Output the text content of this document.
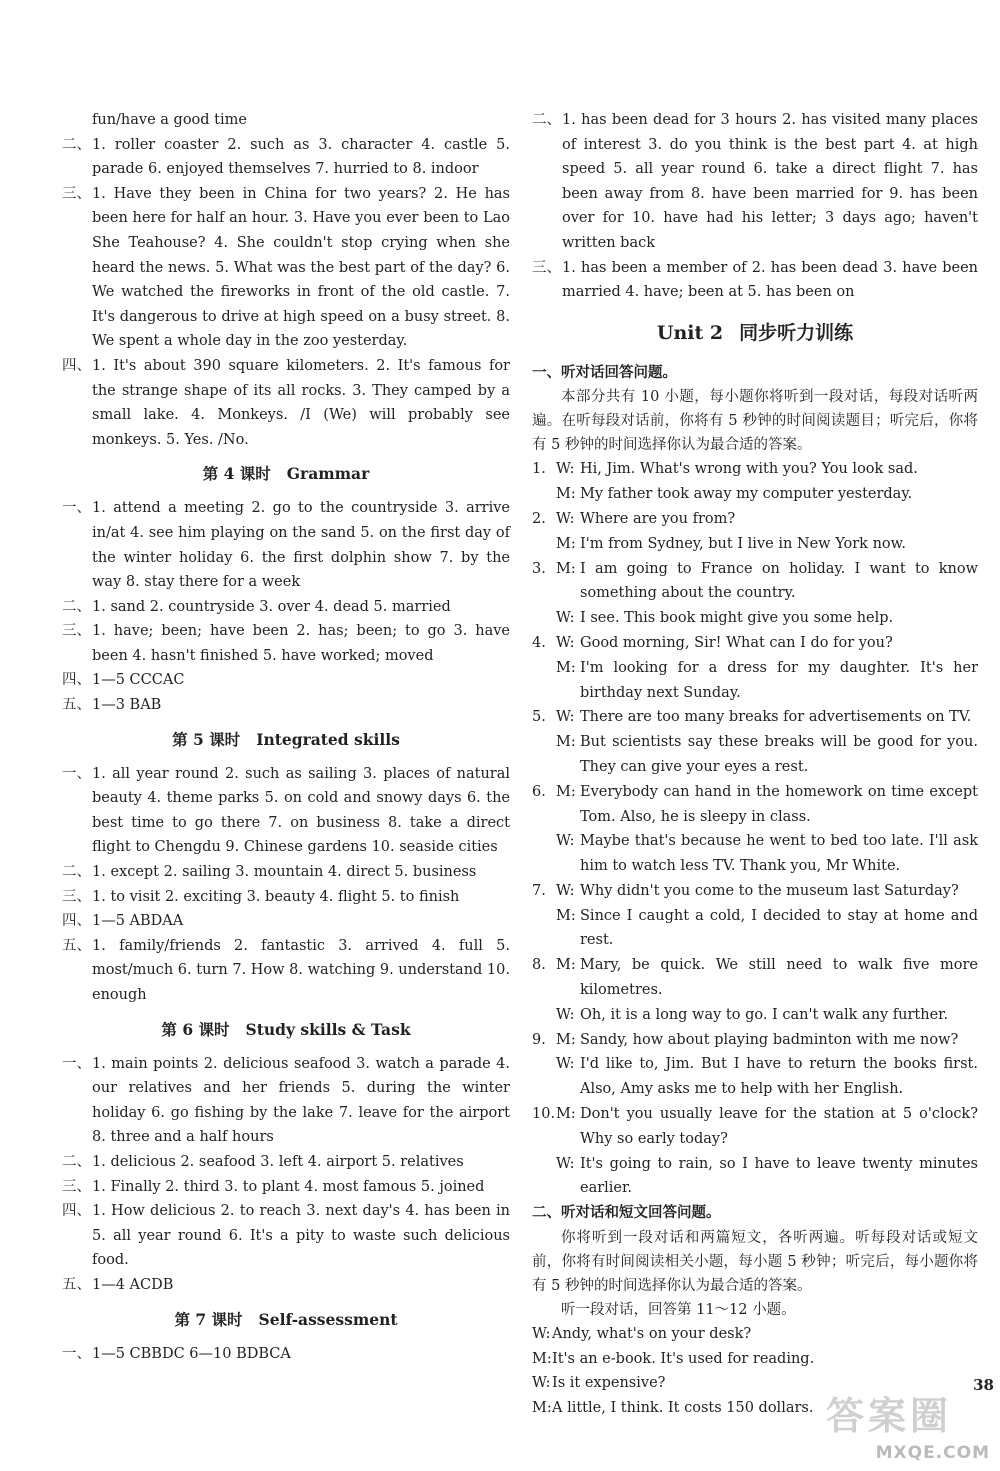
fun/have a good time
二、 1. roller coaster 2. such as 3. character 4. castle 5. parade 6. enjoyed themselves 7. hurried to 8. indoor
三、 1. Have they been in China for two years? 2. He has been here for half an hour. 3. Have you ever been to Lao She Teahouse? 4. She couldn't stop crying when she heard the news. 5. What was the best part of the day? 6. We watched the fireworks in front of the old castle. 7. It's dangerous to drive at high speed on a busy street. 8. We spent a whole day in the zoo yesterday.
四、 1. It's about 390 square kilometers. 2. It's famous for the strange shape of its all rocks. 3. They camped by a small lake. 4. Monkeys. /I (We) will probably see monkeys. 5. Yes. /No.
第 4 课时 Grammar
一、 1. attend a meeting 2. go to the countryside 3. arrive in/at 4. see him playing on the sand 5. on the first day of the winter holiday 6. the first dolphin show 7. by the way 8. stay there for a week
二、 1. sand 2. countryside 3. over 4. dead 5. married
三、 1. have; been; have been 2. has; been; to go 3. have been 4. hasn't finished 5. have worked; moved
四、 1—5 CCCAC
五、 1—3 BAB
第 5 课时 Integrated skills
一、 1. all year round 2. such as sailing 3. places of natural beauty 4. theme parks 5. on cold and snowy days 6. the best time to go there 7. on business 8. take a direct flight to Chengdu 9. Chinese gardens 10. seaside cities
二、 1. except 2. sailing 3. mountain 4. direct 5. business
三、 1. to visit 2. exciting 3. beauty 4. flight 5. to finish
四、 1—5 ABDAA
五、 1. family/friends 2. fantastic 3. arrived 4. full 5. most/much 6. turn 7. How 8. watching 9. understand 10. enough
第 6 课时 Study skills & Task
一、 1. main points 2. delicious seafood 3. watch a parade 4. our relatives and her friends 5. during the winter holiday 6. go fishing by the lake 7. leave for the airport 8. three and a half hours
二、 1. delicious 2. seafood 3. left 4. airport 5. relatives
三、 1. Finally 2. third 3. to plant 4. most famous 5. joined
四、 1. How delicious 2. to reach 3. next day's 4. has been in 5. all year round 6. It's a pity to waste such delicious food.
五、 1—4 ACDB
第 7 课时 Self-assessment
一、 1—5 CBBDC 6—10 BDBCA
二、 1. has been dead for 3 hours 2. has visited many places of interest 3. do you think is the best part 4. at high speed 5. all year round 6. take a direct flight 7. has been away from 8. have been married for 9. has been over for 10. have had his letter; 3 days ago; haven't written back
三、 1. has been a member of 2. has been dead 3. have been married 4. have; been at 5. has been on
Unit 2 同步听力训练
一、听对话回答问题。
本部分共有 10 小题，每小题你将听到一段对话，每段对话听两遍。在听每段对话前，你将有 5 秒钟的时间阅读题目；听完后，你将有 5 秒钟的时间选择你认为最合适的答案。
1. W: Hi, Jim. What's wrong with you? You look sad.
M: My father took away my computer yesterday.
2. W: Where are you from?
M: I'm from Sydney, but I live in New York now.
3. M: I am going to France on holiday. I want to know something about the country.
W: I see. This book might give you some help.
4. W: Good morning, Sir! What can I do for you?
M: I'm looking for a dress for my daughter. It's her birthday next Sunday.
5. W: There are too many breaks for advertisements on TV.
M: But scientists say these breaks will be good for you. They can give your eyes a rest.
6. M: Everybody can hand in the homework on time except Tom. Also, he is sleepy in class.
W: Maybe that's because he went to bed too late. I'll ask him to watch less TV. Thank you, Mr White.
7. W: Why didn't you come to the museum last Saturday?
M: Since I caught a cold, I decided to stay at home and rest.
8. M: Mary, be quick. We still need to walk five more kilometres.
W: Oh, it is a long way to go. I can't walk any further.
9. M: Sandy, how about playing badminton with me now?
W: I'd like to, Jim. But I have to return the books first. Also, Amy asks me to help with her English.
10. M: Don't you usually leave for the station at 5 o'clock? Why so early today?
W: It's going to rain, so I have to leave twenty minutes earlier.
二、听对话和短文回答问题。
你将听到一段对话和两篇短文，各听两遍。听每段对话或短文前，你将有时间阅读相关小题，每小题 5 秒钟；听完后，每小题你将有 5 秒钟的时间选择你认为最合适的答案。
听一段对话，回答第 11～12 小题。
W: Andy, what's on your desk?
M: It's an e-book. It's used for reading.
W: Is it expensive?
M: A little, I think. It costs 150 dollars.
38
答案圈
MXQE.COM
